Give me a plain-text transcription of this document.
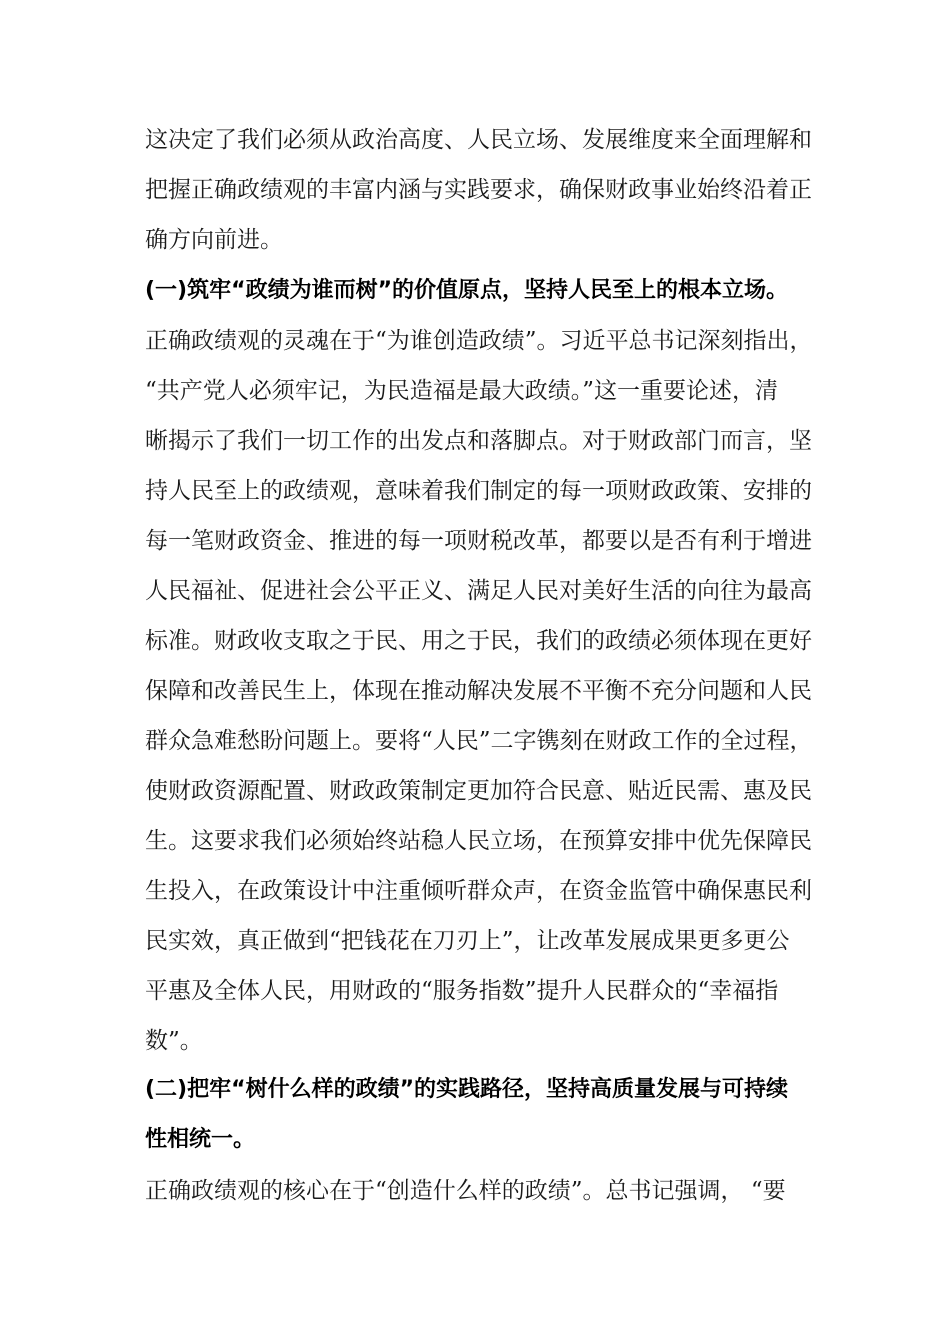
这决定了我们必须从政治高度、人民立场、发展维度来全面理解和
把握正确政绩观的丰富内涵与实践要求，确保财政事业始终沿着正
确方向前进。
(一)筑牢“政绩为谁而树”的价值原点，坚持人民至上的根本立场。
正确政绩观的灵魂在于“为谁创造政绩”。习近平总书记深刻指出，
“共产党人必须牢记，为民造福是最大政绩。”这一重要论述，清
晰揭示了我们一切工作的出发点和落脚点。对于财政部门而言，坚
持人民至上的政绩观，意味着我们制定的每一项财政政策、安排的
每一笔财政资金、推进的每一项财税改革，都要以是否有利于增进
人民福祉、促进社会公平正义、满足人民对美好生活的向往为最高
标准。财政收支取之于民、用之于民，我们的政绩必须体现在更好
保障和改善民生上，体现在推动解决发展不平衡不充分问题和人民
群众急难愁盼问题上。要将“人民”二字镌刻在财政工作的全过程，
使财政资源配置、财政政策制定更加符合民意、贴近民需、惠及民
生。这要求我们必须始终站稳人民立场，在预算安排中优先保障民
生投入，在政策设计中注重倾听群众声，在资金监管中确保惠民利
民实效，真正做到“把钱花在刀刃上”，让改革发展成果更多更公
平惠及全体人民，用财政的“服务指数”提升人民群众的“幸福指
数”。
(二)把牢“树什么样的政绩”的实践路径，坚持高质量发展与可持续
性相统一。
正确政绩观的核心在于“创造什么样的政绩”。总书记强调， “要
